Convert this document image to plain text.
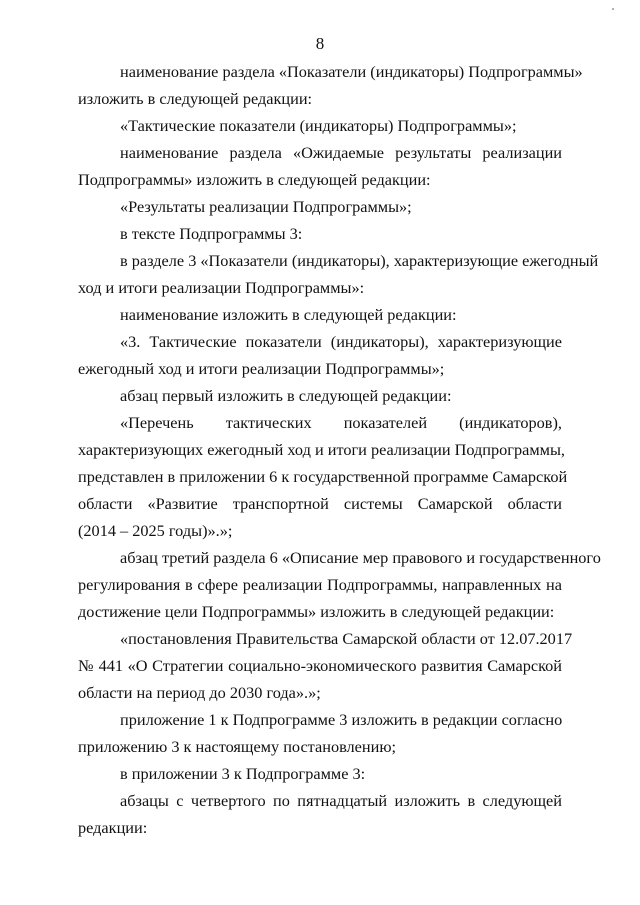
8
наименование раздела «Показатели (индикаторы) Подпрограммы»
изложить в следующей редакции:
«Тактические показатели (индикаторы) Подпрограммы»;
наименование раздела «Ожидаемые результаты реализации
Подпрограммы» изложить в следующей редакции:
«Результаты реализации Подпрограммы»;
в тексте Подпрограммы 3:
в разделе 3 «Показатели (индикаторы), характеризующие ежегодный
ход и итоги реализации Подпрограммы»:
наименование изложить в следующей редакции:
«3. Тактические показатели (индикаторы), характеризующие
ежегодный ход и итоги реализации Подпрограммы»;
абзац первый изложить в следующей редакции:
«Перечень тактических показателей (индикаторов),
характеризующих ежегодный ход и итоги реализации Подпрограммы,
представлен в приложении 6 к государственной программе Самарской
области «Развитие транспортной системы Самарской области
(2014 – 2025 годы)».»;
абзац третий раздела 6 «Описание мер правового и государственного
регулирования в сфере реализации Подпрограммы, направленных на
достижение цели Подпрограммы» изложить в следующей редакции:
«постановления Правительства Самарской области от 12.07.2017
№ 441 «О Стратегии социально-экономического развития Самарской
области на период до 2030 года».»;
приложение 1 к Подпрограмме 3 изложить в редакции согласно
приложению 3 к настоящему постановлению;
в приложении 3 к Подпрограмме 3:
абзацы с четвертого по пятнадцатый изложить в следующей
редакции:
